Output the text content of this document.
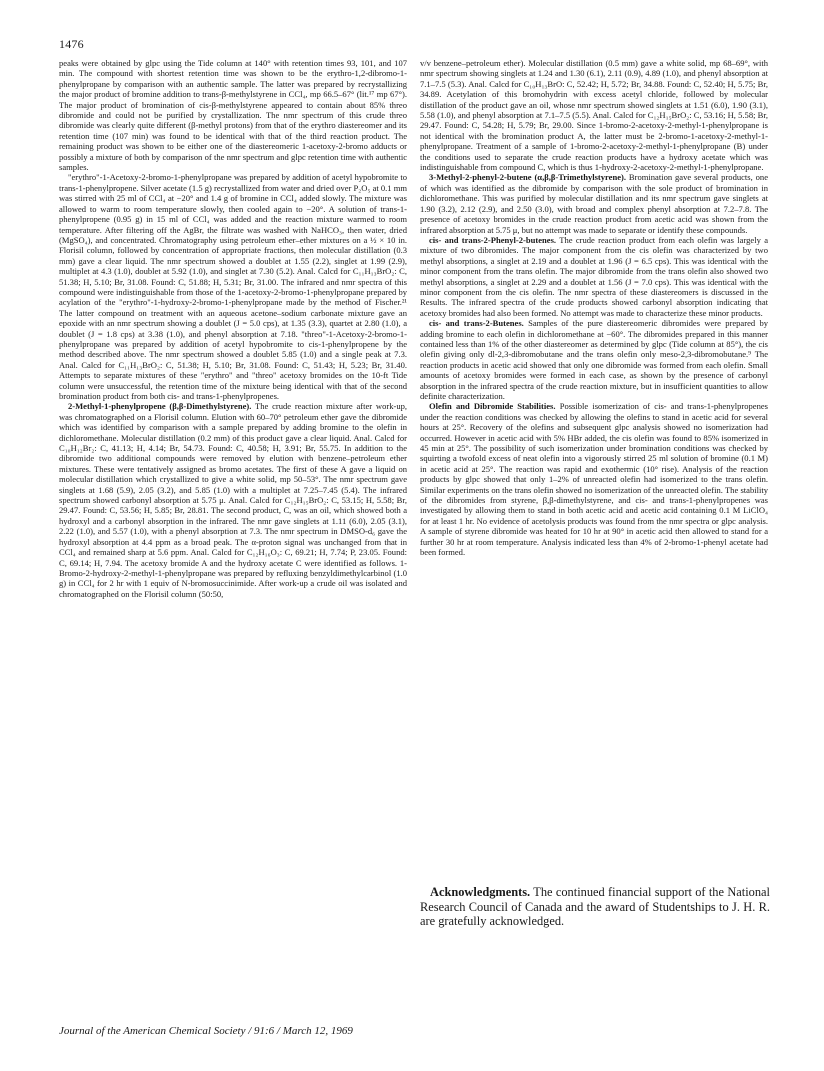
1476

peaks were obtained by glpc using the Tide column at 140° with retention times 93, 101, and 107 min. The compound with shortest retention time was shown to be the erythro-1,2-dibromo-1-phenylpropane by comparison with an authentic sample. The latter was prepared by recrystallizing the major product of bromine addition to trans-β-methylstyrene in CCl₄, mp 66.5–67° (lit.¹⁷ mp 67°). The major product of bromination of cis-β-methylstyrene appeared to contain about 85% threo dibromide and could not be purified by crystallization. The nmr spectrum of this crude threo dibromide was clearly quite different (β-methyl protons) from that of the erythro diastereomer and its retention time (107 min) was found to be identical with that of the third reaction product. The remaining product was shown to be either one of the diastereomeric 1-acetoxy-2-bromo adducts or possibly a mixture of both by comparison of the nmr spectrum and glpc retention time with authentic samples.

"erythro"-1-Acetoxy-2-bromo-1-phenylpropane was prepared by addition of acetyl hypobromite to trans-1-phenylpropene. Silver acetate (1.5 g) recrystallized from water and dried over P₂O₅ at 0.1 mm was stirred with 25 ml of CCl₄ at −20° and 1.4 g of bromine in CCl₄ added slowly. The mixture was allowed to warm to room temperature slowly, then cooled again to −20°. A solution of trans-1-phenylpropene (0.95 g) in 15 ml of CCl₄ was added and the reaction mixture warmed to room temperature. After filtering off the AgBr, the filtrate was washed with NaHCO₃, then water, dried (MgSO₄), and concentrated. Chromatography using petroleum ether–ether mixtures on a ½ × 10 in. Florisil column, followed by concentration of appropriate fractions, then molecular distillation (0.3 mm) gave a clear liquid. The nmr spectrum showed a doublet at 1.55 (2.2), singlet at 1.99 (2.9), multiplet at 4.3 (1.0), doublet at 5.92 (1.0), and singlet at 7.30 (5.2). Anal. Calcd for C₁₁H₁₃BrO₂: C, 51.38; H, 5.10; Br, 31.08. Found: C, 51.88; H, 5.31; Br, 31.00. The infrared and nmr spectra of this compound were indistinguishable from those of the 1-acetoxy-2-bromo-1-phenylpropane prepared by acylation of the "erythro"-1-hydroxy-2-bromo-1-phenylpropane made by the method of Fischer.²¹ The latter compound on treatment with an aqueous acetone–sodium carbonate mixture gave an epoxide with an nmr spectrum showing a doublet (J = 5.0 cps), at 1.35 (3.3), quartet at 2.80 (1.0), a doublet (J = 1.8 cps) at 3.38 (1.0), and phenyl absorption at 7.18. "threo"-1-Acetoxy-2-bromo-1-phenylpropane was prepared by addition of acetyl hypobromite to cis-1-phenylpropene by the method described above. The nmr spectrum showed a doublet 5.85 (1.0) and a single peak at 7.3. Anal. Calcd for C₁₁H₁₃BrO₂: C, 51.38; H, 5.10; Br, 31.08. Found: C, 51.43; H, 5.23; Br, 31.40. Attempts to separate mixtures of these "erythro" and "threo" acetoxy bromides on the 10-ft Tide column were unsuccessful, the retention time of the mixture being identical with that of the second bromination product from both cis- and trans-1-phenylpropenes.

2-Methyl-1-phenylpropene (β,β-Dimethylstyrene). The crude reaction mixture after work-up, was chromatographed on a Florisil column. Elution with 60–70° petroleum ether gave the dibromide which was identified by comparison with a sample prepared by adding bromine to the olefin in dichloromethane. Molecular distillation (0.2 mm) of this product gave a clear liquid. Anal. Calcd for C₁₀H₁₂Br₂: C, 41.13; H, 4.14; Br, 54.73. Found: C, 40.58; H, 3.91; Br, 55.75. In addition to the dibromide two additional compounds were removed by elution with benzene–petroleum ether mixtures. These were tentatively assigned as bromo acetates. The first of these A gave a liquid on molecular distillation which crystallized to give a white solid, mp 50–53°. The nmr spectrum gave singlets at 1.68 (5.9), 2.05 (3.2), and 5.85 (1.0) with a multiplet at 7.25–7.45 (5.4). The infrared spectrum showed carbonyl absorption at 5.75 μ. Anal. Calcd for C₁₂H₁₅BrO₂: C, 53.15; H, 5.58; Br, 29.47. Found: C, 53.56; H, 5.85; Br, 28.81. The second product, C, was an oil, which showed both a hydroxyl and a carbonyl absorption in the infrared. The nmr gave singlets at 1.11 (6.0), 2.05 (3.1), 2.22 (1.0), and 5.57 (1.0), with a phenyl absorption at 7.3. The nmr spectrum in DMSO-d₆ gave the hydroxyl absorption at 4.4 ppm as a broad peak. The α-proton signal was unchanged from that in CCl₄ and remained sharp at 5.6 ppm. Anal. Calcd for C₁₂H₁₆O₃: C, 69.21; H, 7.74; P, 23.05. Found: C, 69.14; H, 7.94. The acetoxy bromide A and the hydroxy acetate C were identified as follows. 1-Bromo-2-hydroxy-2-methyl-1-phenylpropane was prepared by refluxing benzyldimethylcarbinol (1.0 g) in CCl₄ for 2 hr with 1 equiv of N-bromosuccinimide. After work-up a crude oil was isolated and chromatographed on the Florisil column (50:50,

v/v benzene–petroleum ether). Molecular distillation (0.5 mm) gave a white solid, mp 68–69°, with nmr spectrum showing singlets at 1.24 and 1.30 (6.1), 2.11 (0.9), 4.89 (1.0), and phenyl absorption at 7.1–7.5 (5.3). Anal. Calcd for C₁₀H₁₃BrO: C, 52.42; H, 5.72; Br, 34.88. Found: C, 52.40; H, 5.75; Br, 34.89. Acetylation of this bromohydrin with excess acetyl chloride, followed by molecular distillation of the product gave an oil, whose nmr spectrum showed singlets at 1.51 (6.0), 1.90 (3.1), 5.58 (1.0), and phenyl absorption at 7.1–7.5 (5.5). Anal. Calcd for C₁₂H₁₅BrO₂: C, 53.16; H, 5.58; Br, 29.47. Found: C, 54.28; H, 5.79; Br, 29.00. Since 1-bromo-2-acetoxy-2-methyl-1-phenylpropane is not identical with the bromination product A, the latter must be 2-bromo-1-acetoxy-2-methyl-1-phenylpropane. Treatment of a sample of 1-bromo-2-acetoxy-2-methyl-1-phenylpropane (B) under the conditions used to separate the crude reaction products have a hydroxy acetate which was indistinguishable from compound C, which is thus 1-hydroxy-2-acetoxy-2-methyl-1-phenylpropane.

3-Methyl-2-phenyl-2-butene (α,β,β-Trimethylstyrene). Bromination gave several products, one of which was identified as the dibromide by comparison with the sole product of bromination in dichloromethane. This was purified by molecular distillation and its nmr spectrum gave singlets at 1.90 (3.2), 2.12 (2.9), and 2.50 (3.0), with broad and complex phenyl absorption at 7.2–7.8. The presence of acetoxy bromides in the crude reaction product from acetic acid was shown from the infrared absorption at 5.75 μ, but no attempt was made to separate or identify these compounds.

cis- and trans-2-Phenyl-2-butenes. The crude reaction product from each olefin was largely a mixture of two dibromides. The major component from the cis olefin was characterized by two methyl absorptions, a singlet at 2.19 and a doublet at 1.96 (J = 6.5 cps). This was identical with the minor component from the trans olefin. The major dibromide from the trans olefin also showed two methyl absorptions, a singlet at 2.29 and a doublet at 1.56 (J = 7.0 cps). This was identical with the minor component from the cis olefin. The nmr spectra of these diastereomers is discussed in the Results. The infrared spectra of the crude products showed carbonyl absorption indicating that acetoxy bromides had also been formed. No attempt was made to characterize these minor products.

cis- and trans-2-Butenes. Samples of the pure diastereomeric dibromides were prepared by adding bromine to each olefin in dichloromethane at −60°. The dibromides prepared in this manner contained less than 1% of the other diastereomer as determined by glpc (Tide column at 85°), the cis olefin giving only dl-2,3-dibromobutane and the trans olefin only meso-2,3-dibromobutane.⁹ The reaction products in acetic acid showed that only one dibromide was formed from each olefin. Small amounts of acetoxy bromides were formed in each case, as shown by the presence of carbonyl absorption in the infrared spectra of the crude reaction mixture, but in insufficient quantities to allow definite characterization.

Olefin and Dibromide Stabilities. Possible isomerization of cis- and trans-1-phenylpropenes under the reaction conditions was checked by allowing the olefins to stand in acetic acid for several hours at 25°. Recovery of the olefins and subsequent glpc analysis showed no isomerization had occurred. However in acetic acid with 5% HBr added, the cis olefin was found to 85% isomerized in 45 min at 25°. The possibility of such isomerization under bromination conditions was checked by squirting a twofold excess of neat olefin into a vigorously stirred 25 ml solution of bromine (0.1 M) in acetic acid at 25°. The reaction was rapid and exothermic (10° rise). Analysis of the reaction products by glpc showed that only 1–2% of unreacted olefin had isomerized to the trans olefin. Similar experiments on the trans olefin showed no isomerization of the unreacted olefin. The stability of the dibromides from styrene, β,β-dimethylstyrene, and cis- and trans-1-phenylpropenes was investigated by allowing them to stand in both acetic acid and acetic acid containing 0.1 M LiClO₄ for at least 1 hr. No evidence of acetolysis products was found from the nmr spectra or glpc analysis. A sample of styrene dibromide was heated for 10 hr at 90° in acetic acid then allowed to stand for a further 30 hr at room temperature. Analysis indicated less than 4% of 2-bromo-1-phenyl acetate had been formed.

Acknowledgments. The continued financial support of the National Research Council of Canada and the award of Studentships to J. H. R. are gratefully acknowledged.
Journal of the American Chemical Society / 91:6 / March 12, 1969
